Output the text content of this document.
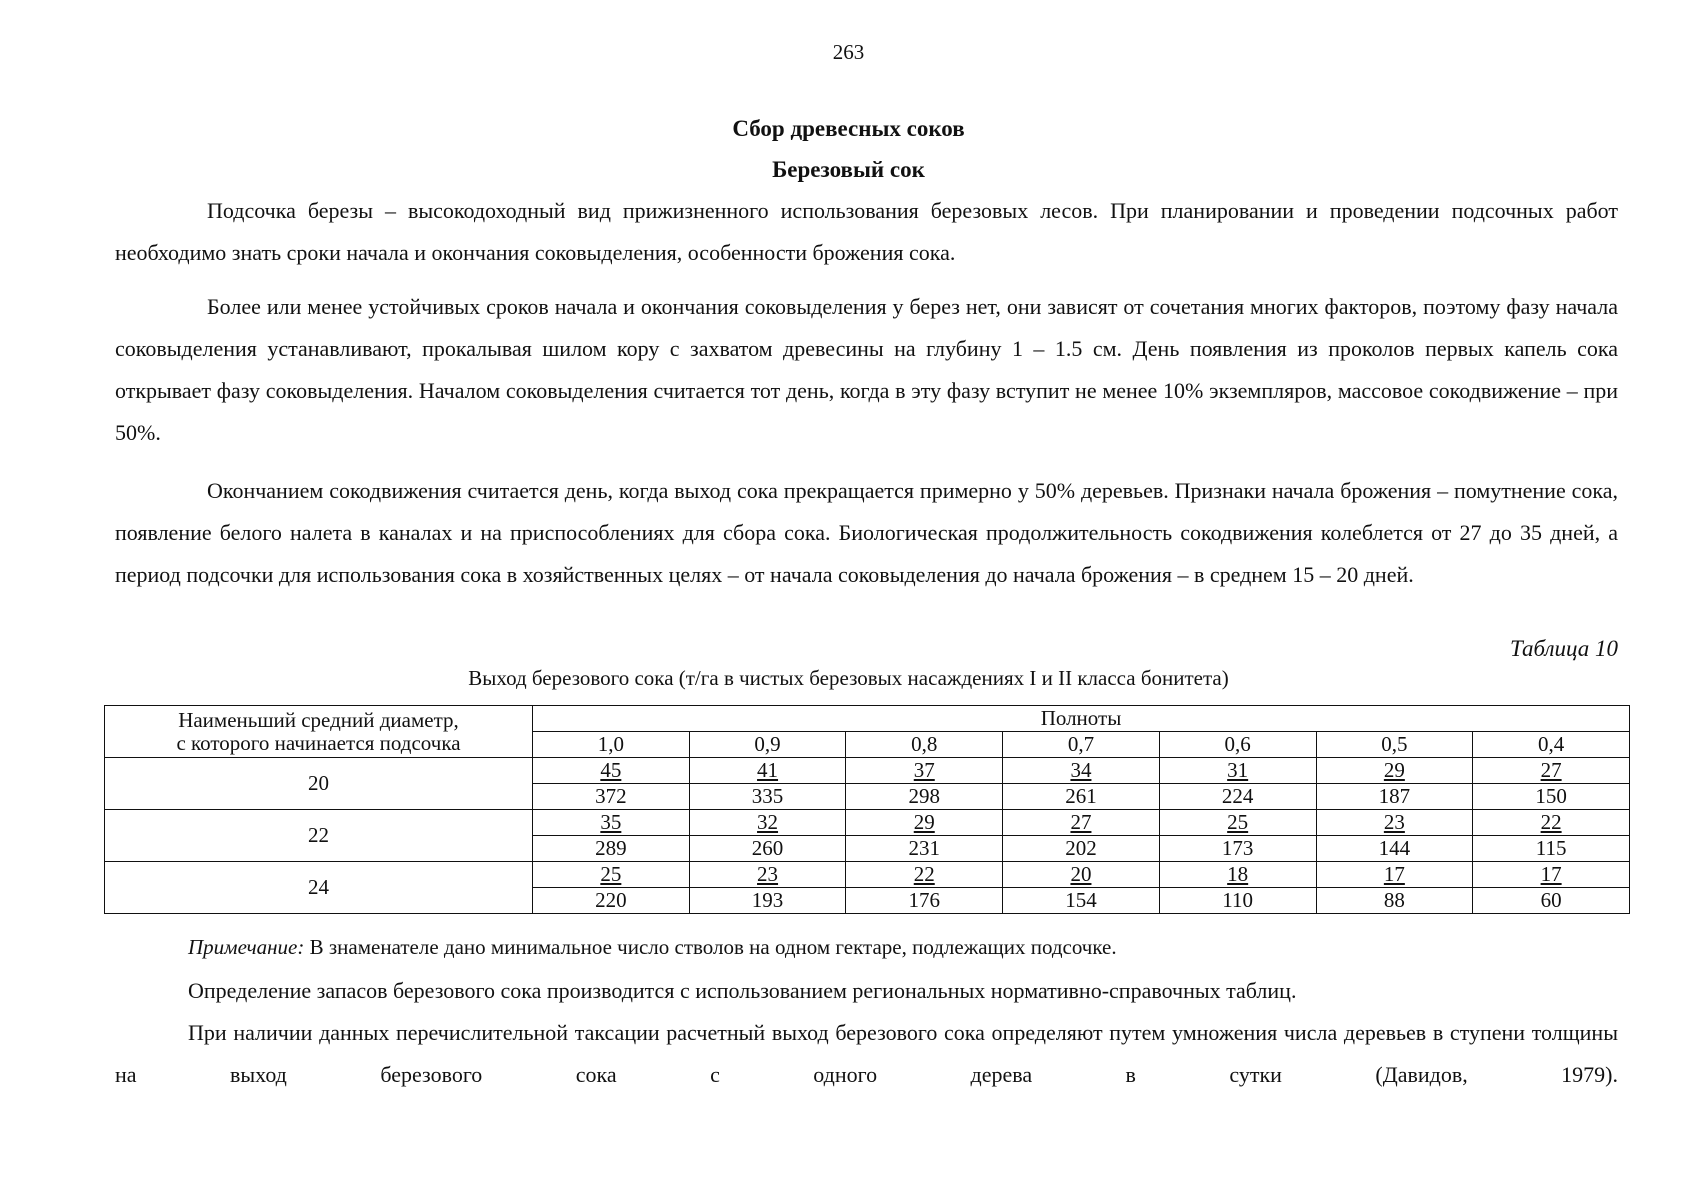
263
Сбор древесных соков
Березовый сок

Подсочка березы – высокодоходный вид прижизненного использования березовых лесов. При планировании и проведении подсочных работ необходимо знать сроки начала и окончания соковыделения, особенности брожения сока.

Более или менее устойчивых сроков начала и окончания соковыделения у берез нет, они зависят от сочетания многих факторов, поэтому фазу начала соковыделения устанавливают, прокалывая шилом кору с захватом древесины на глубину 1 – 1.5 см. День появления из проколов первых капель сока открывает фазу соковыделения. Началом соковыделения считается тот день, когда в эту фазу вступит не менее 10% экземпляров, массовое сокодвижение – при 50%.

Окончанием сокодвижения считается день, когда выход сока прекращается примерно у 50% деревьев. Признаки начала брожения – помутнение сока, появление белого налета в каналах и на приспособлениях для сбора сока. Биологическая продолжительность сокодвижения колеблется от 27 до 35 дней, а период подсочки для использования сока в хозяйственных целях – от начала соковыделения до начала брожения – в среднем 15 – 20 дней.

Таблица 10
Выход березового сока (т/га в чистых березовых насаждениях I и II класса бонитета)
Наименьший средний диаметр,
с которого начинается подсочка	Полноты						
	1,0	0,9	0,8	0,7	0,6	0,5	0,4
20	45	41	37	34	31	29	27
	372	335	298	261	224	187	150
22	35	32	29	27	25	23	22
	289	260	231	202	173	144	115
24	25	23	22	20	18	17	17
	220	193	176	154	110	88	60
Примечание: В знаменателе дано минимальное число стволов на одном гектаре, подлежащих подсочке.

Определение запасов березового сока производится с использованием региональных нормативно-справочных таблиц.

При наличии данных перечислительной таксации расчетный выход березового сока определяют путем умножения числа деревьев в ступени толщины на выход березового сока с одного дерева в сутки (Давидов, 1979).
